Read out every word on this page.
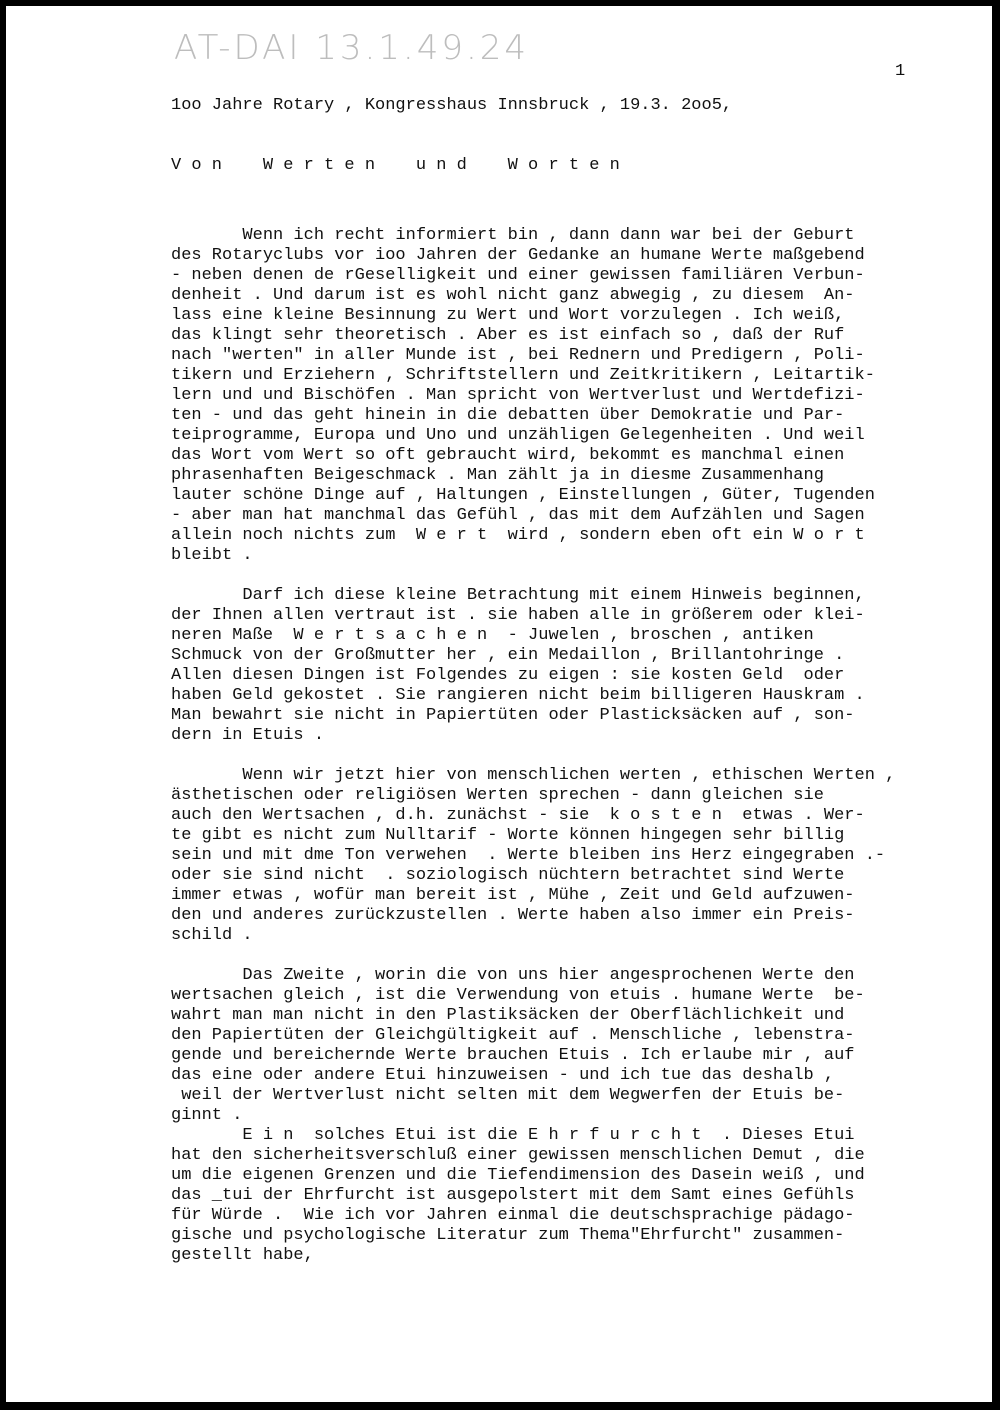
AT-DAI 13.1.49.24
1
1oo Jahre Rotary , Kongresshaus Innsbruck , 19.3. 2oo5,
V o n    W e r t e n    u n d    W o r t e n
Wenn ich recht informiert bin , dann dann war bei der Geburt
des Rotaryclubs vor ioo Jahren der Gedanke an humane Werte maßgebend
- neben denen de rGeselligkeit und einer gewissen familiären Verbun-
denheit . Und darum ist es wohl nicht ganz abwegig , zu diesem  An-
lass eine kleine Besinnung zu Wert und Wort vorzulegen . Ich weiß,
das klingt sehr theoretisch . Aber es ist einfach so , daß der Ruf
nach "werten" in aller Munde ist , bei Rednern und Predigern , Poli-
tikern und Erziehern , Schriftstellern und Zeitkritikern , Leitartik-
lern und und Bischöfen . Man spricht von Wertverlust und Wertdefizi-
ten - und das geht hinein in die debatten über Demokratie und Par-
teiprogramme, Europa und Uno und unzähligen Gelegenheiten . Und weil
das Wort vom Wert so oft gebraucht wird, bekommt es manchmal einen
phrasenhaften Beigeschmack . Man zählt ja in diesme Zusammenhang
lauter schöne Dinge auf , Haltungen , Einstellungen , Güter, Tugenden
- aber man hat manchmal das Gefühl , das mit dem Aufzählen und Sagen
allein noch nichts zum  W e r t  wird , sondern eben oft ein W o r t
bleibt .
Darf ich diese kleine Betrachtung mit einem Hinweis beginnen,
der Ihnen allen vertraut ist . sie haben alle in größerem oder klei-
neren Maße  W e r t s a c h e n  - Juwelen , broschen , antiken
Schmuck von der Großmutter her , ein Medaillon , Brillantohringe .
Allen diesen Dingen ist Folgendes zu eigen : sie kosten Geld  oder
haben Geld gekostet . Sie rangieren nicht beim billigeren Hauskram .
Man bewahrt sie nicht in Papiertüten oder Plasticksäcken auf , son-
dern in Etuis .
Wenn wir jetzt hier von menschlichen werten , ethischen Werten ,
ästhetischen oder religiösen Werten sprechen - dann gleichen sie
auch den Wertsachen , d.h. zunächst - sie  k o s t e n  etwas . Wer-
te gibt es nicht zum Nulltarif - Worte können hingegen sehr billig
sein und mit dme Ton verwehen  . Werte bleiben ins Herz eingegraben .-
oder sie sind nicht  . soziologisch nüchtern betrachtet sind Werte
immer etwas , wofür man bereit ist , Mühe , Zeit und Geld aufzuwen-
den und anderes zurückzustellen . Werte haben also immer ein Preis-
schild .
Das Zweite , worin die von uns hier angesprochenen Werte den
wertsachen gleich , ist die Verwendung von etuis . humane Werte  be-
wahrt man man nicht in den Plastiksäcken der Oberflächlichkeit und
den Papiertüten der Gleichgültigkeit auf . Menschliche , lebenstra-
gende und bereichernde Werte brauchen Etuis . Ich erlaube mir , auf
das eine oder andere Etui hinzuweisen - und ich tue das deshalb ,
weil der Wertverlust nicht selten mit dem Wegwerfen der Etuis be-
ginnt .
E i n  solches Etui ist die E h r f u r c h t  . Dieses Etui
hat den sicherheitsverschluß einer gewissen menschlichen Demut , die
um die eigenen Grenzen und die Tiefendimension des Dasein weiß , und
das _tui der Ehrfurcht ist ausgepolstert mit dem Samt eines Gefühls
für Würde .  Wie ich vor Jahren einmal die deutschsprachige pädago-
gische und psychologische Literatur zum Thema"Ehrfurcht" zusammen-
gestellt habe,
